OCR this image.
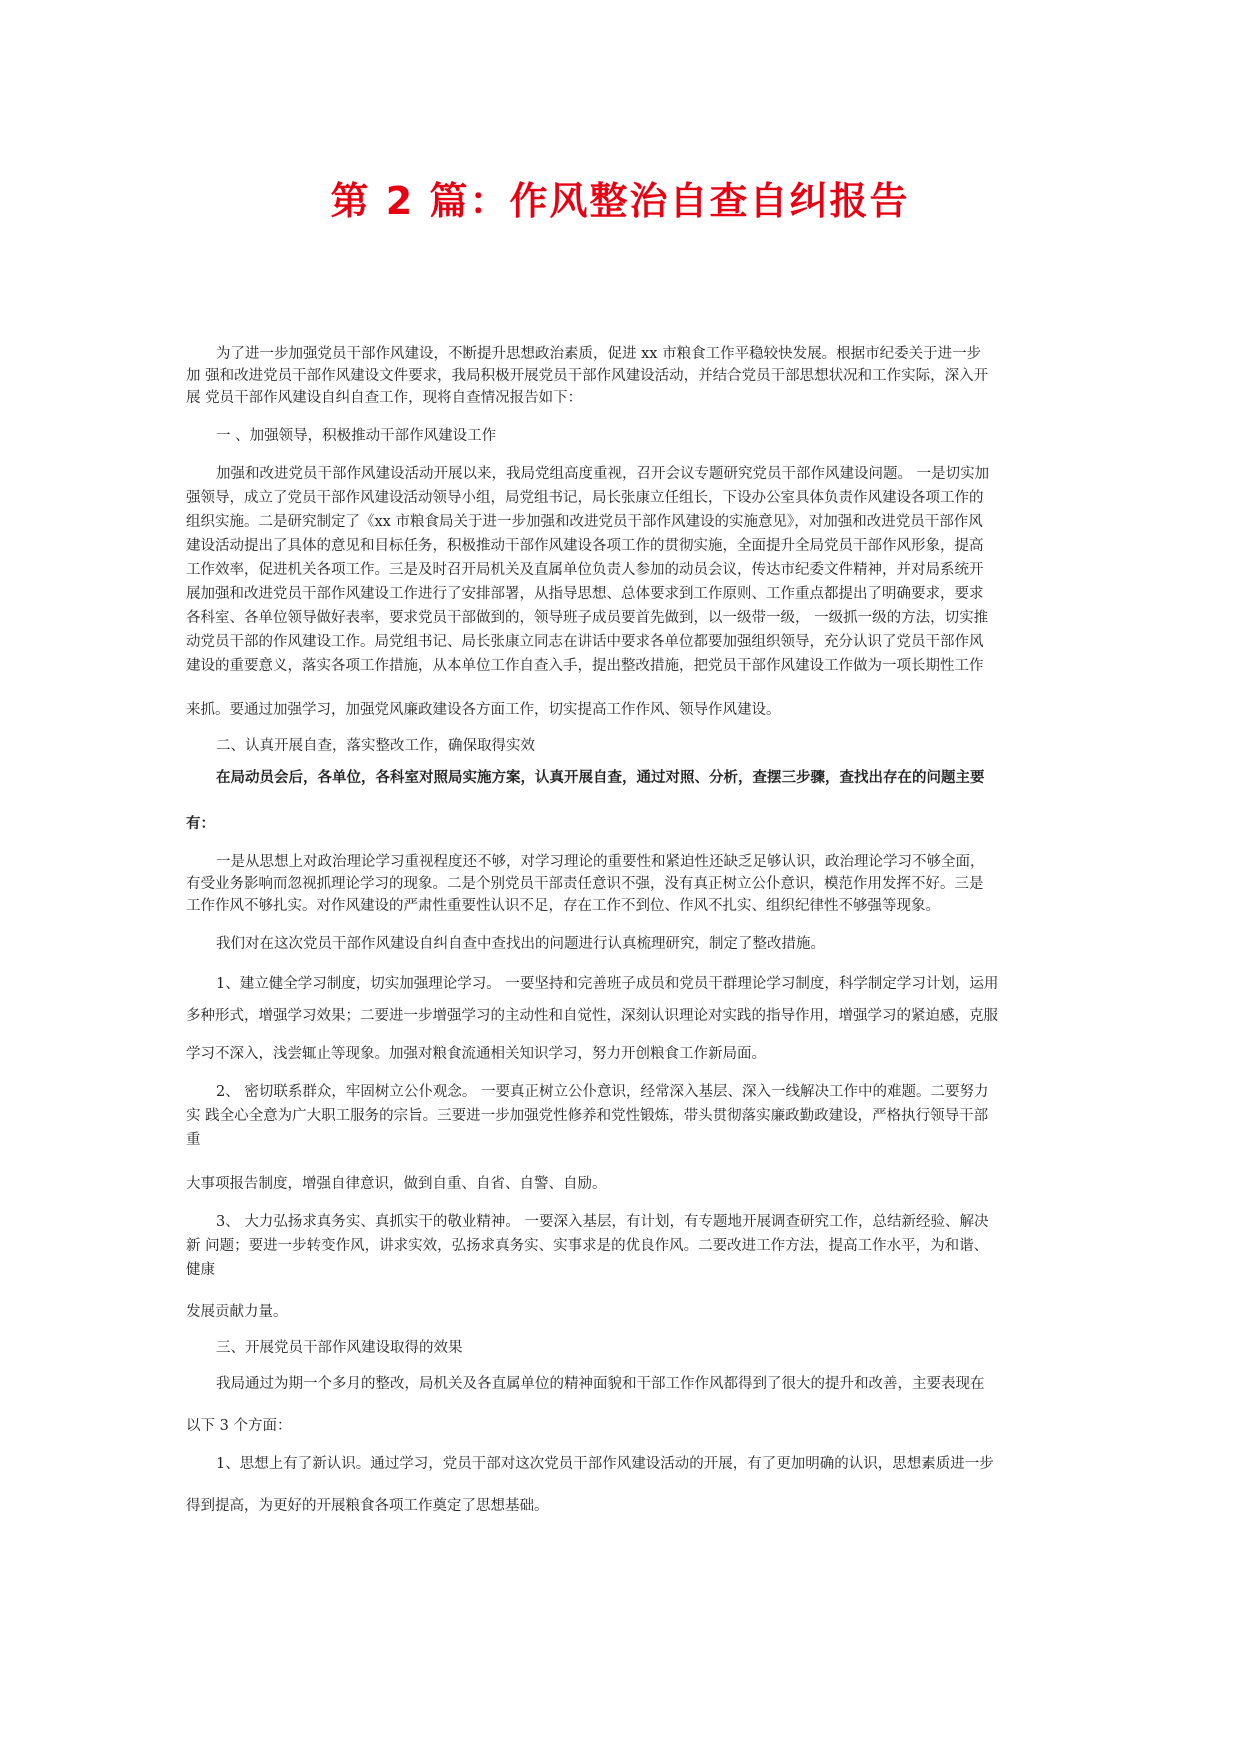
第 2 篇：作风整治自查自纠报告
为了进一步加强党员干部作风建设，不断提升思想政治素质，促进 xx 市粮食工作平稳较快发展。根据市纪委关于进一步
加 强和改进党员干部作风建设文件要求，我局积极开展党员干部作风建设活动，并结合党员干部思想状况和工作实际，深入开
展 党员干部作风建设自纠自查工作，现将自查情况报告如下：
一 、加强领导，积极推动干部作风建设工作
加强和改进党员干部作风建设活动开展以来，我局党组高度重视，召开会议专题研究党员干部作风建设问题。 一是切实加
强领导，成立了党员干部作风建设活动领导小组，局党组书记，局长张康立任组长，下设办公室具体负责作风建设各项工作的
组织实施。二是研究制定了《xx 市粮食局关于进一步加强和改进党员干部作风建设的实施意见》，对加强和改进党员干部作风
建设活动提出了具体的意见和目标任务，积极推动干部作风建设各项工作的贯彻实施，全面提升全局党员干部作风形象，提高
工作效率，促进机关各项工作。三是及时召开局机关及直属单位负责人参加的动员会议，传达市纪委文件精神，并对局系统开
展加强和改进党员干部作风建设工作进行了安排部署，从指导思想、总体要求到工作原则、工作重点都提出了明确要求，要求
各科室、各单位领导做好表率，要求党员干部做到的，领导班子成员要首先做到，以一级带一级， 一级抓一级的方法，切实推
动党员干部的作风建设工作。局党组书记、局长张康立同志在讲话中要求各单位都要加强组织领导，充分认识了党员干部作风
建设的重要意义，落实各项工作措施，从本单位工作自查入手，提出整改措施，把党员干部作风建设工作做为一项长期性工作
来抓。要通过加强学习，加强党风廉政建设各方面工作，切实提高工作作风、领导作风建设。
二、认真开展自查，落实整改工作，确保取得实效
在局动员会后，各单位，各科室对照局实施方案，认真开展自查，通过对照、分析，查摆三步骤，查找出存在的问题主要
有：
一是从思想上对政治理论学习重视程度还不够，对学习理论的重要性和紧迫性还缺乏足够认识，政治理论学习不够全面，
有受业务影响而忽视抓理论学习的现象。二是个别党员干部责任意识不强，没有真正树立公仆意识，模范作用发挥不好。三是
工作作风不够扎实。对作风建设的严肃性重要性认识不足，存在工作不到位、作风不扎实、组织纪律性不够强等现象。
我们对在这次党员干部作风建设自纠自查中查找出的问题进行认真梳理研究，制定了整改措施。
1、建立健全学习制度，切实加强理论学习。 一要坚持和完善班子成员和党员干群理论学习制度，科学制定学习计划，运用
多种形式，增强学习效果；二要进一步增强学习的主动性和自觉性，深刻认识理论对实践的指导作用，增强学习的紧迫感，克服
学习不深入，浅尝辄止等现象。加强对粮食流通相关知识学习，努力开创粮食工作新局面。
2、 密切联系群众，牢固树立公仆观念。 一要真正树立公仆意识，经常深入基层、深入一线解决工作中的难题。二要努力
实 践全心全意为广大职工服务的宗旨。三要进一步加强党性修养和党性锻炼，带头贯彻落实廉政勤政建设，严格执行领导干部
重
大事项报告制度，增强自律意识，做到自重、自省、自警、自励。
3、 大力弘扬求真务实、真抓实干的敬业精神。 一要深入基层，有计划，有专题地开展调查研究工作，总结新经验、解决
新 问题；要进一步转变作风，讲求实效，弘扬求真务实、实事求是的优良作风。二要改进工作方法，提高工作水平，为和谐、
健康
发展贡献力量。
三、开展党员干部作风建设取得的效果
我局通过为期一个多月的整改，局机关及各直属单位的精神面貌和干部工作作风都得到了很大的提升和改善，主要表现在
以下 3 个方面：
1、思想上有了新认识。通过学习，党员干部对这次党员干部作风建设活动的开展，有了更加明确的认识，思想素质进一步
得到提高，为更好的开展粮食各项工作奠定了思想基础。
